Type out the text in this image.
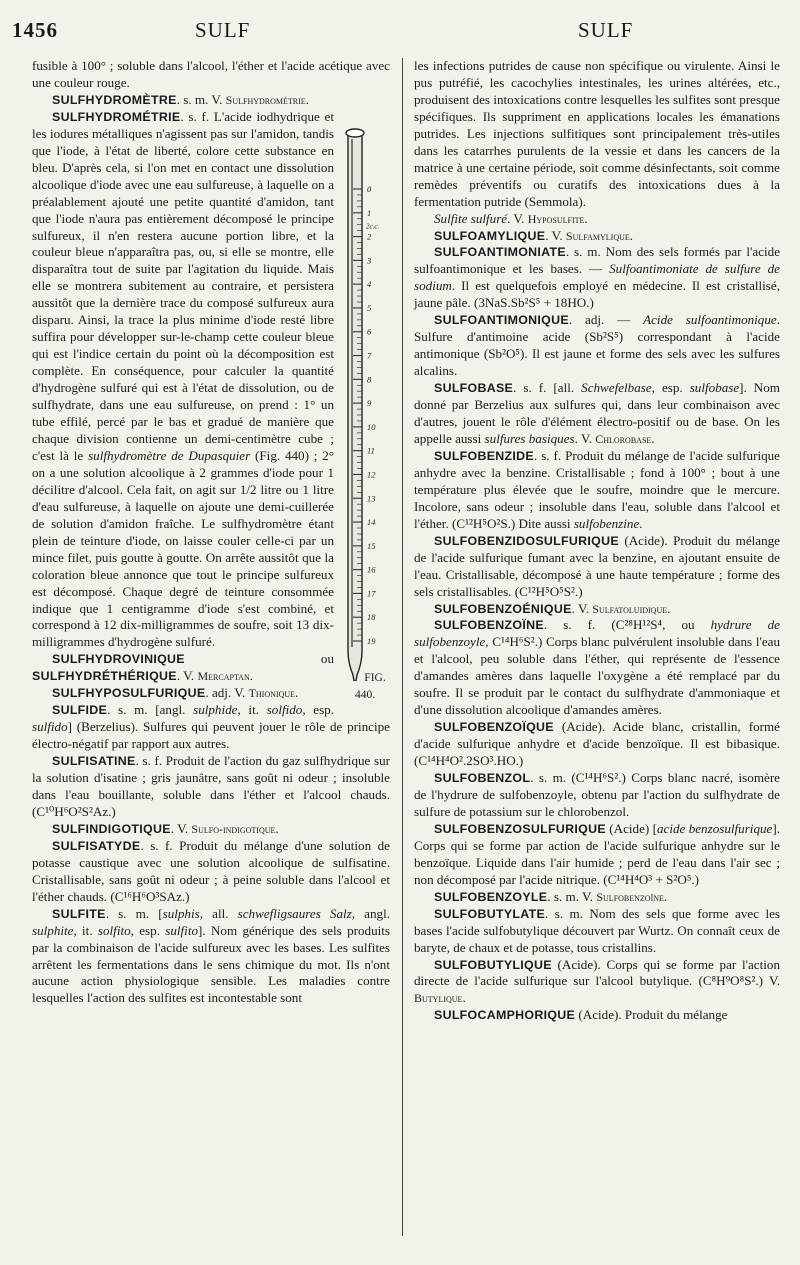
1456	SULF	SULF

fusible à 100° ; soluble dans l'alcool, l'éther et l'acide acétique avec une couleur rouge.

SULFHYDROMÈTRE. s. m. V. Sulfhydrométrie.

0
1
2
3
4
5
6
7
8
9
10
11
12
13
14
15
16
17
18
19
2c.c.
FIG. 440.
SULFHYDROMÉTRIE. s. f. L'acide iodhydrique et les iodures métalliques n'agissent pas sur l'amidon, tandis que l'iode, à l'état de liberté, colore cette substance en bleu. D'après cela, si l'on met en contact une dissolution alcoolique d'iode avec une eau sulfureuse, à laquelle on a préalablement ajouté une petite quantité d'amidon, tant que l'iode n'aura pas entièrement décomposé le principe sulfureux, il n'en restera aucune portion libre, et la couleur bleue n'apparaîtra pas, ou, si elle se montre, elle disparaîtra tout de suite par l'agitation du liquide. Mais elle se montrera subitement au contraire, et persistera aussitôt que la dernière trace du composé sulfureux aura disparu. Ainsi, la trace la plus minime d'iode resté libre suffira pour développer sur-le-champ cette couleur bleue qui est l'indice certain du point où la décomposition est complète. En conséquence, pour calculer la quantité d'hydrogène sulfuré qui est à l'état de dissolution, ou de sulfhydrate, dans une eau sulfureuse, on prend : 1° un tube effilé, percé par le bas et gradué de manière que chaque division contienne un demi-centimètre cube ; c'est là le sulfhydromètre de Dupasquier (Fig. 440) ; 2° on a une solution alcoolique à 2 grammes d'iode pour 1 décilitre d'alcool. Cela fait, on agit sur 1/2 litre ou 1 litre d'eau sulfureuse, à laquelle on ajoute une demi-cuillerée de solution d'amidon fraîche. Le sulfhydromètre étant plein de teinture d'iode, on laisse couler celle-ci par un mince filet, puis goutte à goutte. On arrête aussitôt que la coloration bleue annonce que tout le principe sulfureux est décomposé. Chaque degré de teinture consommée indique que 1 centigramme d'iode s'est combiné, et correspond à 12 dix-milligrammes de soufre, soit 13 dix-milligrammes d'hydrogène sulfuré.

SULFHYDROVINIQUE ou SULFHYDRÉTHÉRIQUE. V. Mercaptan.

SULFHYPOSULFURIQUE. adj. V. Thionique.

SULFIDE. s. m. [angl. sulphide, it. solfido, esp. sulfido] (Berzelius). Sulfures qui peuvent jouer le rôle de principe électro-négatif par rapport aux autres.

SULFISATINE. s. f. Produit de l'action du gaz sulfhydrique sur la solution d'isatine ; gris jaunâtre, sans goût ni odeur ; insoluble dans l'eau bouillante, soluble dans l'éther et l'alcool chauds. (C¹⁰H⁶O²S²Az.)

SULFINDIGOTIQUE. V. Sulfo-indigotique.

SULFISATYDE. s. f. Produit du mélange d'une solution de potasse caustique avec une solution alcoolique de sulfisatine. Cristallisable, sans goût ni odeur ; à peine soluble dans l'alcool et l'éther chauds. (C¹⁶H⁶O³SAz.)

SULFITE. s. m. [sulphis, all. schwefligsaures Salz, angl. sulphite, it. solfito, esp. sulfito]. Nom générique des sels produits par la combinaison de l'acide sulfureux avec les bases. Les sulfites arrêtent les fermentations dans le sens chimique du mot. Ils n'ont aucune action physiologique sensible. Les maladies contre lesquelles l'action des sulfites est incontestable sont

les infections putrides de cause non spécifique ou virulente. Ainsi le pus putréfié, les cacochylies intestinales, les urines altérées, etc., produisent des intoxications contre lesquelles les sulfites sont presque spécifiques. Ils suppriment en applications locales les émanations putrides. Les injections sulfitiques sont principalement très-utiles dans les catarrhes purulents de la vessie et dans les cancers de la matrice à une certaine période, soit comme désinfectants, soit comme remèdes préventifs ou curatifs des intoxications dues à la fermentation putride (Semmola).

Sulfite sulfuré. V. Hyposulfite.

SULFOAMYLIQUE. V. Sulfamylique.

SULFOANTIMONIATE. s. m. Nom des sels formés par l'acide sulfoantimonique et les bases. — Sulfoantimoniate de sulfure de sodium. Il est quelquefois employé en médecine. Il est cristallisé, jaune pâle. (3NaS.Sb²S⁵ + 18HO.)

SULFOANTIMONIQUE. adj. — Acide sulfoantimonique. Sulfure d'antimoine acide (Sb²S⁵) correspondant à l'acide antimonique (Sb²O⁵). Il est jaune et forme des sels avec les sulfures alcalins.

SULFOBASE. s. f. [all. Schwefelbase, esp. sulfobase]. Nom donné par Berzelius aux sulfures qui, dans leur combinaison avec d'autres, jouent le rôle d'élément électro-positif ou de base. On les appelle aussi sulfures basiques. V. Chlorobase.

SULFOBENZIDE. s. f. Produit du mélange de l'acide sulfurique anhydre avec la benzine. Cristallisable ; fond à 100° ; bout à une température plus élevée que le soufre, moindre que le mercure. Incolore, sans odeur ; insoluble dans l'eau, soluble dans l'alcool et l'éther. (C¹²H⁵O²S.) Dite aussi sulfobenzine.

SULFOBENZIDOSULFURIQUE (Acide). Produit du mélange de l'acide sulfurique fumant avec la benzine, en ajoutant ensuite de l'eau. Cristallisable, décomposé à une haute température ; forme des sels cristallisables. (C¹²H⁵O⁵S².)

SULFOBENZOÉNIQUE. V. Sulfatoluidique.

SULFOBENZOÏNE. s. f. (C²⁸H¹²S⁴, ou hydrure de sulfobenzoyle, C¹⁴H⁶S².) Corps blanc pulvérulent insoluble dans l'eau et l'alcool, peu soluble dans l'éther, qui représente de l'essence d'amandes amères dans laquelle l'oxygène a été remplacé par du soufre. Il se produit par le contact du sulfhydrate d'ammoniaque et d'une dissolution alcoolique d'amandes amères.

SULFOBENZOÏQUE (Acide). Acide blanc, cristallin, formé d'acide sulfurique anhydre et d'acide benzoïque. Il est bibasique. (C¹⁴H⁴O².2SO³.HO.)

SULFOBENZOL. s. m. (C¹⁴H⁶S².) Corps blanc nacré, isomère de l'hydrure de sulfobenzoyle, obtenu par l'action du sulfhydrate de sulfure de potassium sur le chlorobenzol.

SULFOBENZOSULFURIQUE (Acide) [acide benzosulfurique]. Corps qui se forme par action de l'acide sulfurique anhydre sur le benzoïque. Liquide dans l'air humide ; perd de l'eau dans l'air sec ; non décomposé par l'acide nitrique. (C¹⁴H⁴O³ + S²O⁵.)

SULFOBENZOYLE. s. m. V. Sulfobenzoïne.

SULFOBUTYLATE. s. m. Nom des sels que forme avec les bases l'acide sulfobutylique découvert par Wurtz. On connaît ceux de baryte, de chaux et de potasse, tous cristallins.

SULFOBUTYLIQUE (Acide). Corps qui se forme par l'action directe de l'acide sulfurique sur l'alcool butylique. (C⁸H⁹O⁸S².) V. Butylique.

SULFOCAMPHORIQUE (Acide). Produit du mélange
